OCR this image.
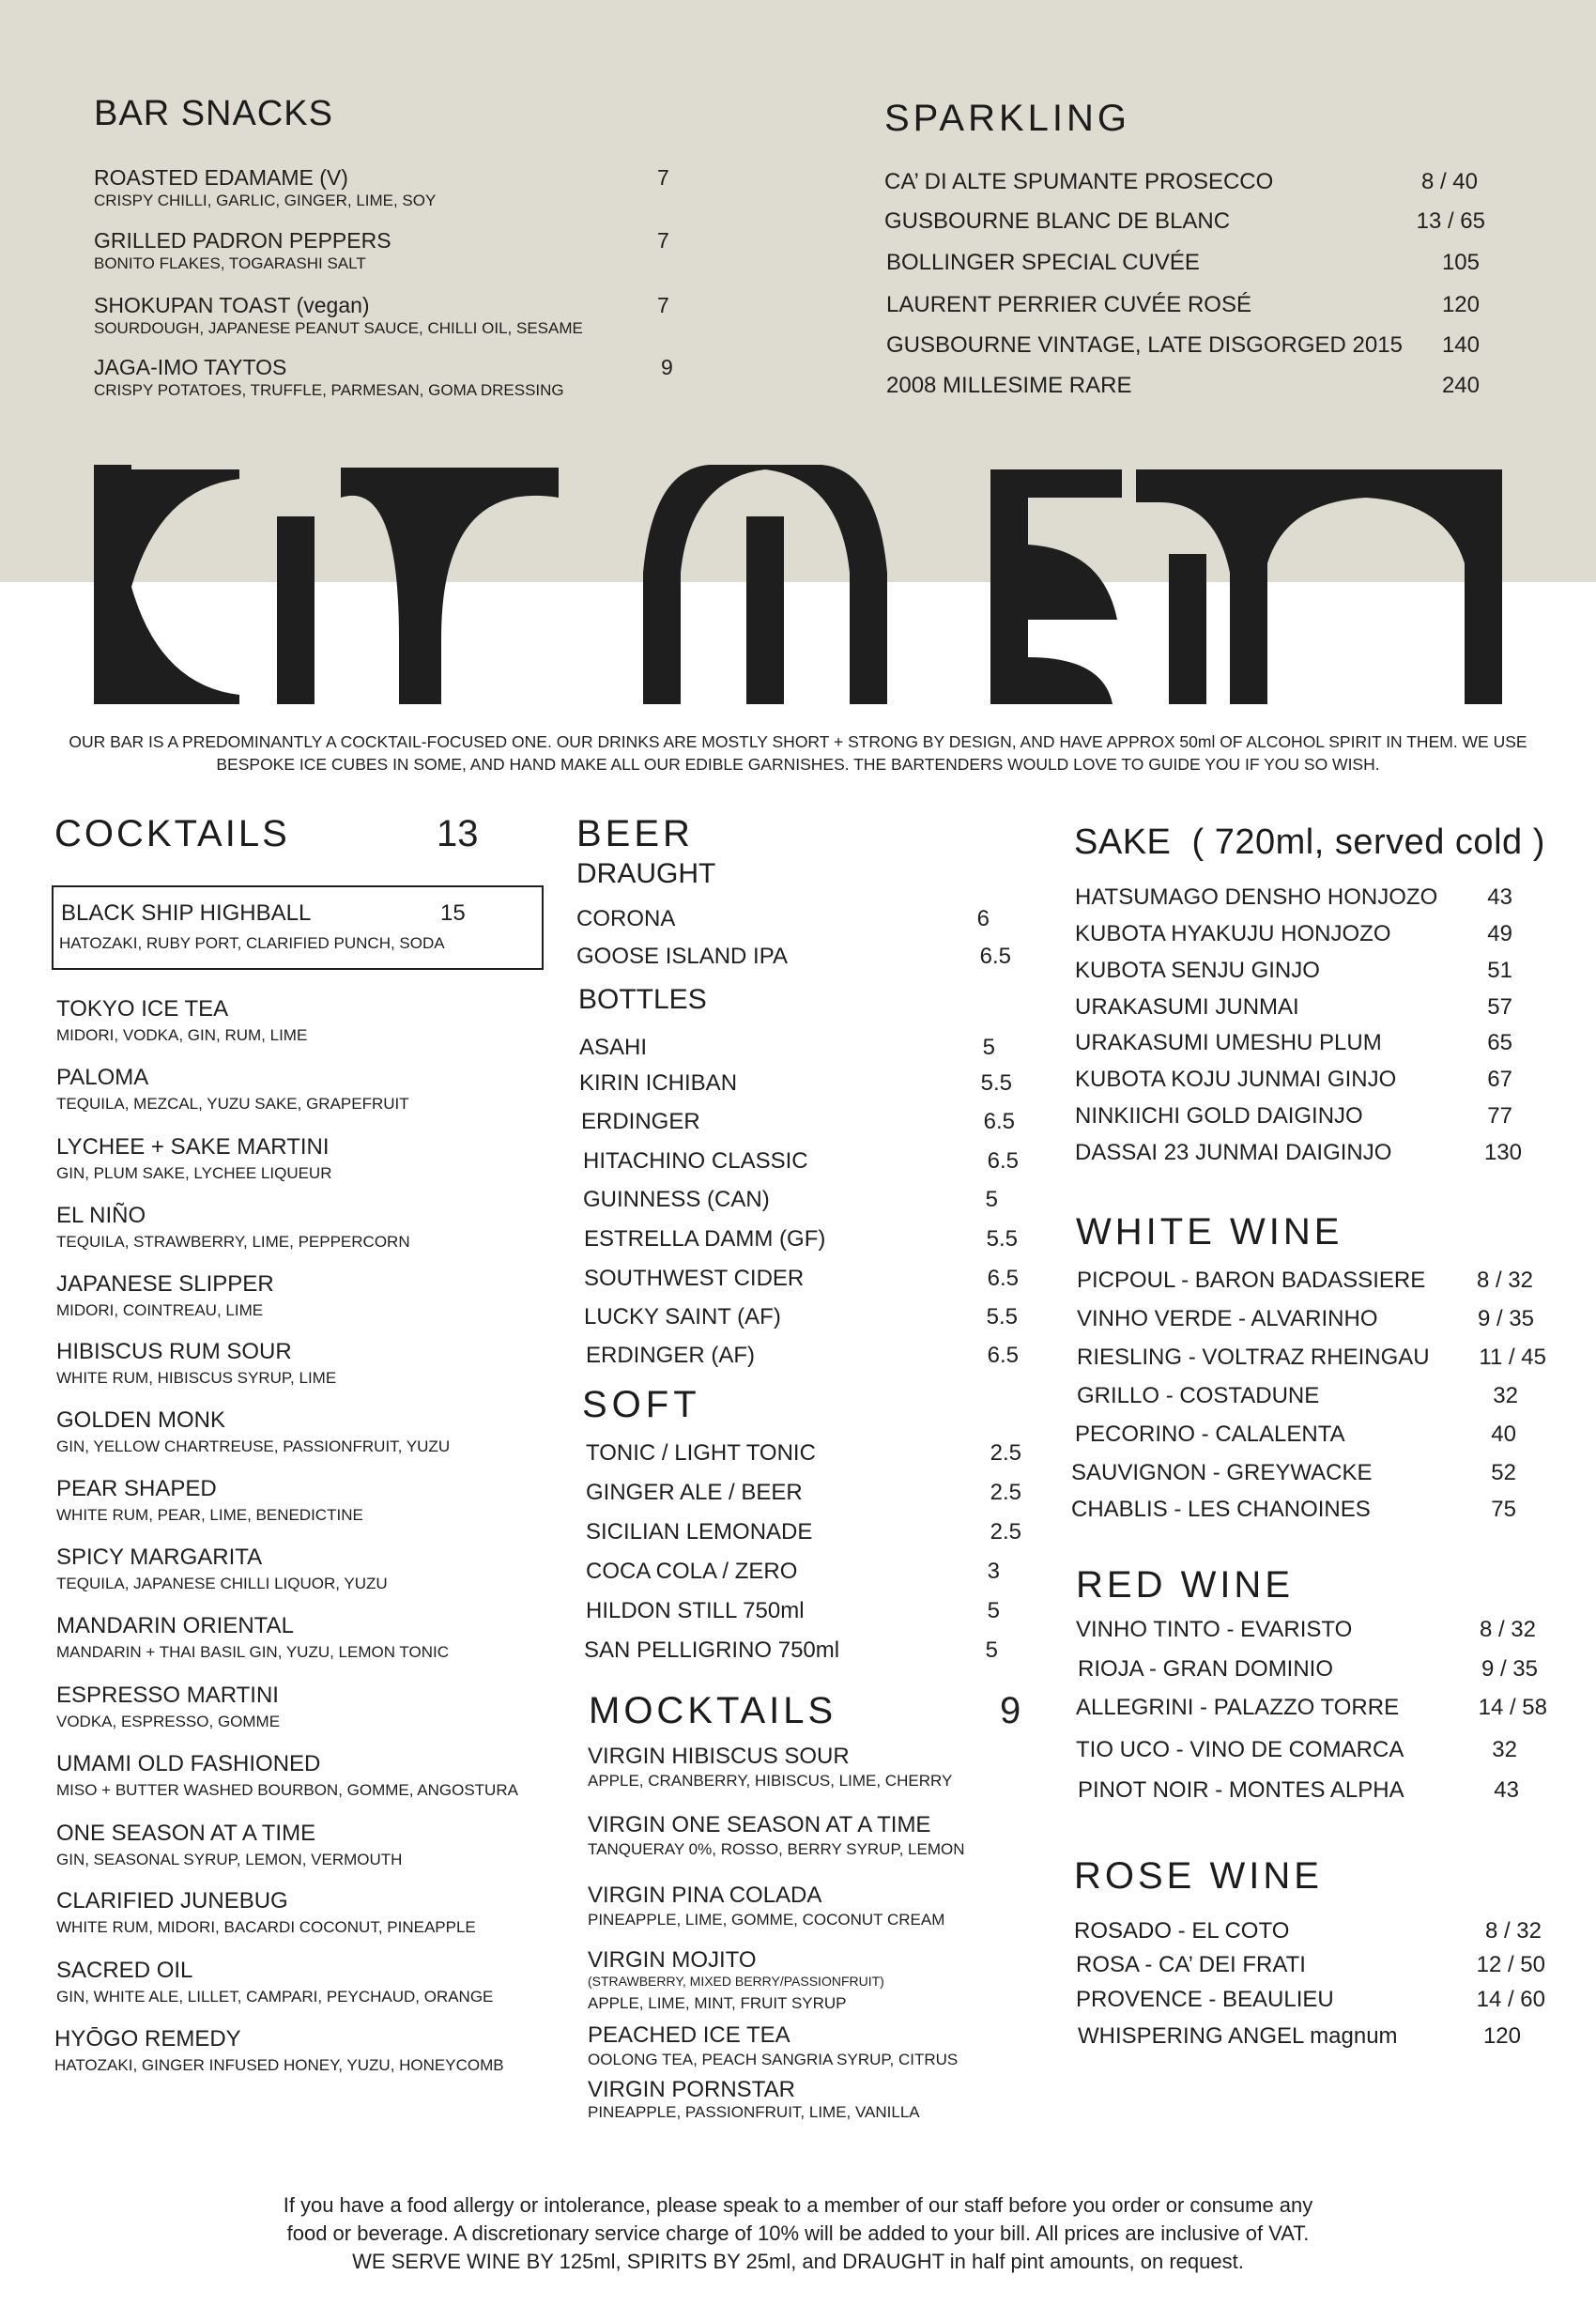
BAR SNACKS
ROASTED EDAMAME (V)	7
CRISPY CHILLI, GARLIC, GINGER, LIME, SOY
GRILLED PADRON PEPPERS	7
BONITO FLAKES, TOGARASHI SALT
SHOKUPAN TOAST (vegan)	7
SOURDOUGH, JAPANESE PEANUT SAUCE, CHILLI OIL, SESAME
JAGA-IMO TAYTOS	9
CRISPY POTATOES, TRUFFLE, PARMESAN, GOMA DRESSING
SPARKLING
CA’ DI ALTE SPUMANTE PROSECCO	8 / 40
GUSBOURNE BLANC DE BLANC	13 / 65
BOLLINGER SPECIAL CUVÉE	105
LAURENT PERRIER CUVÉE ROSÉ	120
GUSBOURNE VINTAGE, LATE DISGORGED 2015 140
2008 MILLESIME RARE	240
OUR BAR IS A PREDOMINANTLY A COCKTAIL-FOCUSED ONE. OUR DRINKS ARE MOSTLY SHORT + STRONG BY DESIGN, AND HAVE APPROX 50ml OF ALCOHOL SPIRIT IN THEM. WE USE BESPOKE ICE CUBES IN SOME, AND HAND MAKE ALL OUR EDIBLE GARNISHES. THE BARTENDERS WOULD LOVE TO GUIDE YOU IF YOU SO WISH.
COCKTAILS	13
BLACK SHIP HIGHBALL	15
HATOZAKI, RUBY PORT, CLARIFIED PUNCH, SODA
TOKYO ICE TEA
MIDORI, VODKA, GIN, RUM, LIME
PALOMA
TEQUILA, MEZCAL, YUZU SAKE, GRAPEFRUIT
LYCHEE + SAKE MARTINI
GIN, PLUM SAKE, LYCHEE LIQUEUR
EL NIÑO
TEQUILA, STRAWBERRY, LIME, PEPPERCORN
JAPANESE SLIPPER
MIDORI, COINTREAU, LIME
HIBISCUS RUM SOUR
WHITE RUM, HIBISCUS SYRUP, LIME
GOLDEN MONK
GIN, YELLOW CHARTREUSE, PASSIONFRUIT, YUZU
PEAR SHAPED
WHITE RUM, PEAR, LIME, BENEDICTINE
SPICY MARGARITA
TEQUILA, JAPANESE CHILLI LIQUOR, YUZU
MANDARIN ORIENTAL
MANDARIN + THAI BASIL GIN, YUZU, LEMON TONIC
ESPRESSO MARTINI
VODKA, ESPRESSO, GOMME
UMAMI OLD FASHIONED
MISO + BUTTER WASHED BOURBON, GOMME, ANGOSTURA
ONE SEASON AT A TIME
GIN, SEASONAL SYRUP, LEMON, VERMOUTH
CLARIFIED JUNEBUG
WHITE RUM, MIDORI, BACARDI COCONUT, PINEAPPLE
SACRED OIL
GIN, WHITE ALE, LILLET, CAMPARI, PEYCHAUD, ORANGE
HYŌGO REMEDY
HATOZAKI, GINGER INFUSED HONEY, YUZU, HONEYCOMB
BEER
DRAUGHT
CORONA	6
GOOSE ISLAND IPA	6.5
BOTTLES
ASAHI	5
KIRIN ICHIBAN	5.5
ERDINGER	6.5
HITACHINO CLASSIC	6.5
GUINNESS (CAN)	5
ESTRELLA DAMM (GF)	5.5
SOUTHWEST CIDER	6.5
LUCKY SAINT (AF)	5.5
ERDINGER (AF)	6.5
SOFT
TONIC / LIGHT TONIC	2.5
GINGER ALE / BEER	2.5
SICILIAN LEMONADE	2.5
COCA COLA / ZERO	3
HILDON STILL 750ml	5
SAN PELLIGRINO 750ml	5
MOCKTAILS	9
VIRGIN HIBISCUS SOUR
APPLE, CRANBERRY, HIBISCUS, LIME, CHERRY
VIRGIN ONE SEASON AT A TIME
TANQUERAY 0%, ROSSO, BERRY SYRUP, LEMON
VIRGIN PINA COLADA
PINEAPPLE, LIME, GOMME, COCONUT CREAM
VIRGIN MOJITO
(STRAWBERRY, MIXED BERRY/PASSIONFRUIT)
APPLE, LIME, MINT, FRUIT SYRUP
PEACHED ICE TEA
OOLONG TEA, PEACH SANGRIA SYRUP, CITRUS
VIRGIN PORNSTAR
PINEAPPLE, PASSIONFRUIT, LIME, VANILLA
SAKE  ( 720ml, served cold )
HATSUMAGO DENSHO HONJOZO 43
KUBOTA HYAKUJU HONJOZO	49
KUBOTA SENJU GINJO	51
URAKASUMI JUNMAI	57
URAKASUMI UMESHU PLUM	65
KUBOTA KOJU JUNMAI GINJO	67
NINKIICHI GOLD DAIGINJO	77
DASSAI 23 JUNMAI DAIGINJO	130
WHITE WINE
PICPOUL - BARON BADASSIERE 8 / 32
VINHO VERDE - ALVARINHO	9 / 35
RIESLING - VOLTRAZ RHEINGAU 11 / 45
GRILLO - COSTADUNE	32
PECORINO - CALALENTA	40
SAUVIGNON - GREYWACKE	52
CHABLIS - LES CHANOINES	75
RED WINE
VINHO TINTO - EVARISTO	8 / 32
RIOJA - GRAN DOMINIO	9 / 35
ALLEGRINI - PALAZZO TORRE	14 / 58
TIO UCO - VINO DE COMARCA	32
PINOT NOIR - MONTES ALPHA	43
ROSE WINE
ROSADO - EL COTO	8 / 32
ROSA - CA’ DEI FRATI	12 / 50
PROVENCE - BEAULIEU	14 / 60
WHISPERING ANGEL magnum	120
If you have a food allergy or intolerance, please speak to a member of our staff before you order or consume any
food or beverage. A discretionary service charge of 10% will be added to your bill. All prices are inclusive of VAT.
WE SERVE WINE BY 125ml, SPIRITS BY 25ml, and DRAUGHT in half pint amounts, on request.
